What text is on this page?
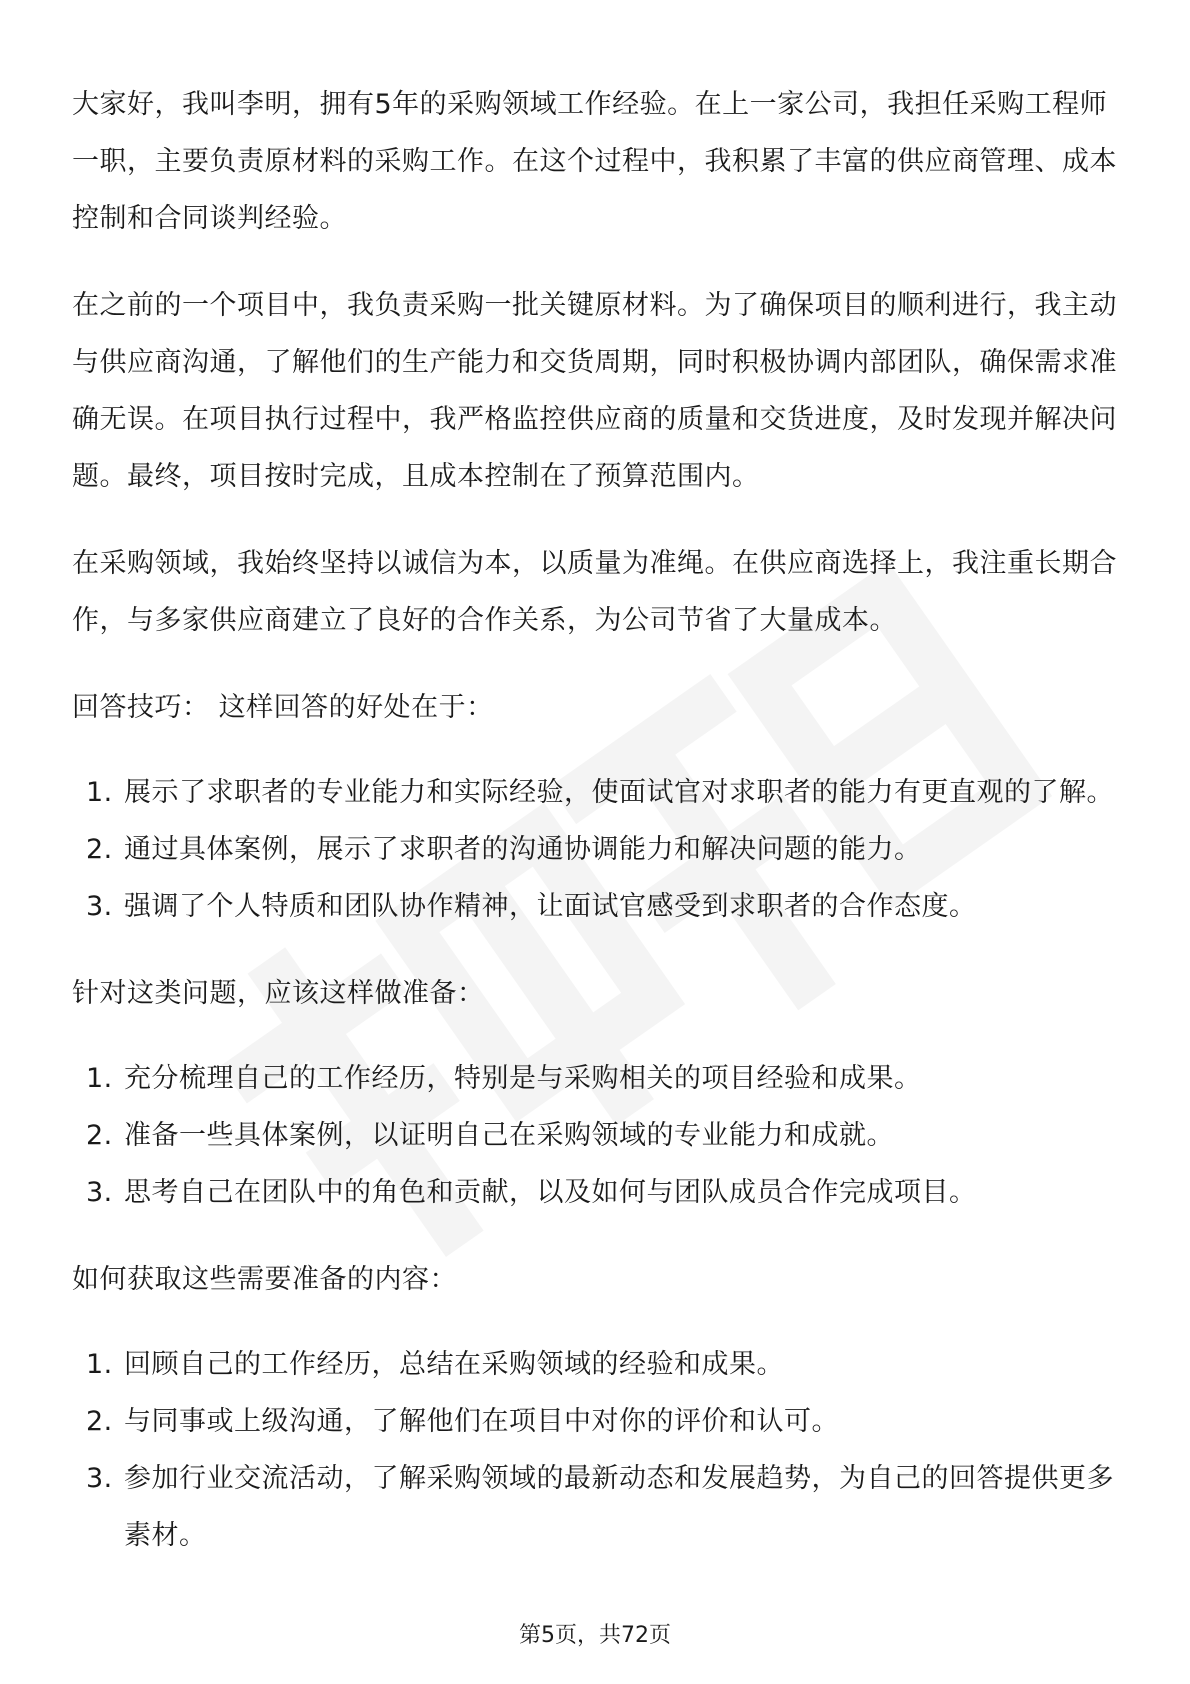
大家好，我叫李明，拥有5年的采购领域工作经验。在上一家公司，我担任采购工程师一职，主要负责原材料的采购工作。在这个过程中，我积累了丰富的供应商管理、成本控制和合同谈判经验。

在之前的一个项目中，我负责采购一批关键原材料。为了确保项目的顺利进行，我主动与供应商沟通，了解他们的生产能力和交货周期，同时积极协调内部团队，确保需求准确无误。在项目执行过程中，我严格监控供应商的质量和交货进度，及时发现并解决问题。最终，项目按时完成，且成本控制在了预算范围内。

在采购领域，我始终坚持以诚信为本，以质量为准绳。在供应商选择上，我注重长期合作，与多家供应商建立了良好的合作关系，为公司节省了大量成本。

回答技巧： 这样回答的好处在于：

1. 展示了求职者的专业能力和实际经验，使面试官对求职者的能力有更直观的了解。
2. 通过具体案例，展示了求职者的沟通协调能力和解决问题的能力。
3. 强调了个人特质和团队协作精神，让面试官感受到求职者的合作态度。

针对这类问题，应该这样做准备：

1. 充分梳理自己的工作经历，特别是与采购相关的项目经验和成果。
2. 准备一些具体案例，以证明自己在采购领域的专业能力和成就。
3. 思考自己在团队中的角色和贡献，以及如何与团队成员合作完成项目。

如何获取这些需要准备的内容：

1. 回顾自己的工作经历，总结在采购领域的经验和成果。
2. 与同事或上级沟通，了解他们在项目中对你的评价和认可。
3. 参加行业交流活动，了解采购领域的最新动态和发展趋势，为自己的回答提供更多素材。
第5页，共72页
